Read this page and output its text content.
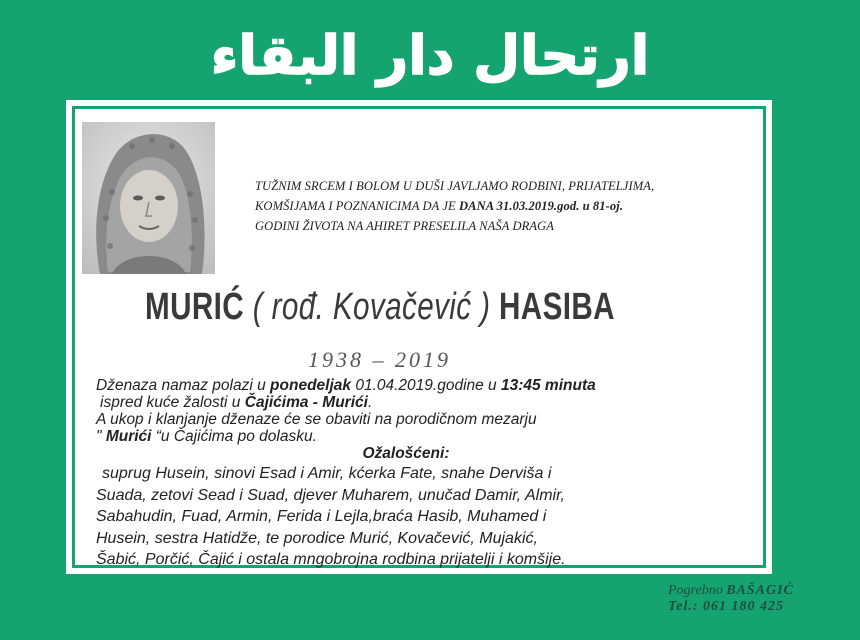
ارتحال دار البقاء
TUŽNIM SRCEM I BOLOM U DUŠI JAVLJAMO RODBINI, PRIJATELJIMA,
KOMŠIJAMA I POZNANICIMA DA JE DANA 31.03.2019.god. u 81-oj.
GODINI ŽIVOTA NA AHIRET PRESELILA NAŠA DRAGA
MURIĆ ( rođ. Kovačević ) HASIBA
1938 – 2019
Dženaza namaz polazi u ponedeljak 01.04.2019.godine u 13:45 minuta
ispred kuće žalosti u Čajićima - Murići.
A ukop i klanjanje dženaze će se obaviti na porodičnom mezarju
" Murići “u Čajićima po dolasku.
Ožalošćeni:
suprug Husein, sinovi Esad i Amir, kćerka Fate, snahe Derviša i
Suada, zetovi Sead i Suad, djever Muharem, unučad Damir, Almir,
Sabahudin, Fuad, Armin, Ferida i Lejla,braća Hasib, Muhamed i
Husein, sestra Hatidže, te porodice Murić, Kovačević, Mujakić,
Šabić, Porčić, Čajić i ostala mngobrojna rodbina prijatelji i komšije.
Pogrebno BAŠAGIĆ
Tel.: 061 180 425
